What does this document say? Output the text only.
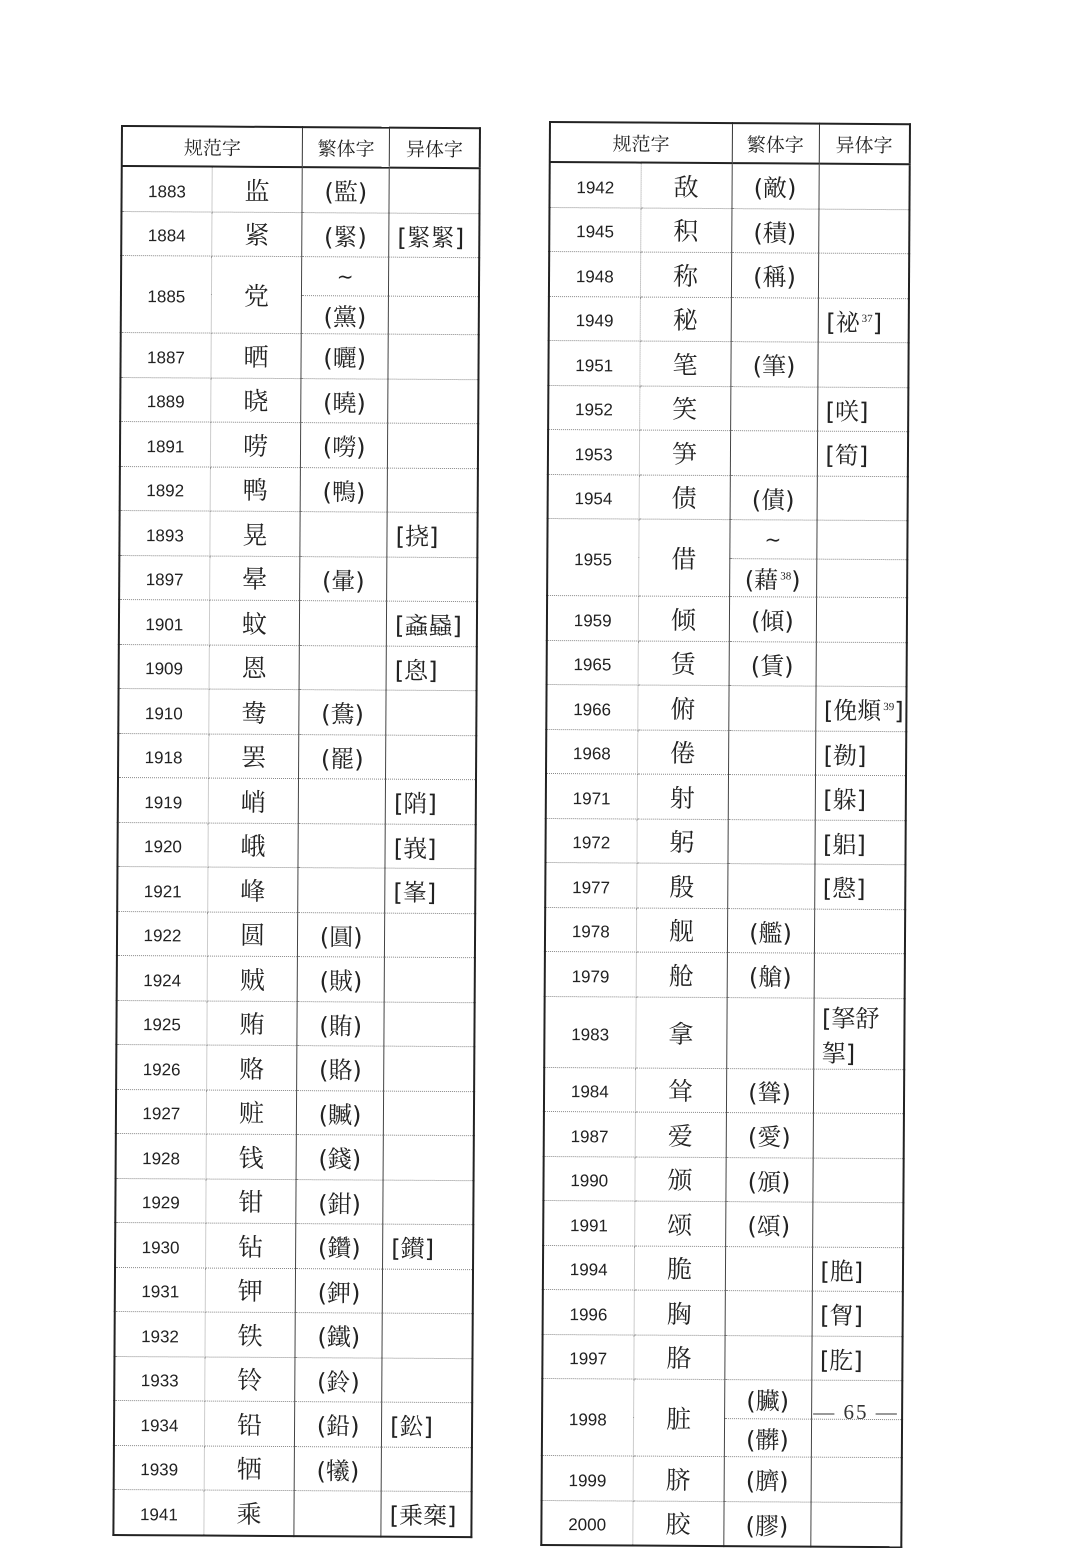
规范字		繁体字	异体字
1883	监	(監)	
1884	紧	(緊)	[緊緊]
1885	党	~	
		(黨)	
1887	晒	(曬)	
1889	晓	(曉)	
1891	唠	(嘮)	
1892	鸭	(鴨)	
1893	晃		[挠]
1897	晕	(暈)	
1901	蚊		[螡蟁]
1909	恩		[恖]
1910	鸯	(鴦)	
1918	罢	(罷)	
1919	峭		[陗]
1920	峨		[峩]
1921	峰		[峯]
1922	圆	(圓)	
1924	贼	(賊)	
1925	贿	(賄)	
1926	赂	(賂)	
1927	赃	(贓)	
1928	钱	(錢)	
1929	钳	(鉗)	
1930	钻	(鑽)	[鑚]
1931	钾	(鉀)	
1932	铁	(鐵)	
1933	铃	(鈴)	
1934	铅	(鉛)	[鈆]
1939	牺	(犧)	
1941	乘		[乗椉]
规范字		繁体字	异体字
1942	敌	(敵)	
1945	积	(積)	
1948	称	(稱)	
1949	秘		[祕 $^{37}$]
1951	笔	(筆)	
1952	笑		[咲]
1953	笋		[筍]
1954	债	(債)	
1955	借	~	
		(藉 $^{38}$)	
1959	倾	(傾)	
1965	赁	(賃)	
1966	俯		[俛頫 $^{39}$]
1968	倦		[勌]
1971	射		[躲]
1972	躬		[躳]
1977	殷		[慇]
1978	舰	(艦)	
1979	舱	(艙)	
1983	拿		[拏舒挐]
1984	耸	(聳)	
1987	爱	(愛)	
1990	颁	(頒)	
1991	颂	(頌)	
1994	脆		[脃]
1996	胸		[胷]
1997	胳		[肐]
1998	脏	(臟)	
		(髒)	
1999	脐	(臍)	
2000	胶	(膠)	
— 65 —
